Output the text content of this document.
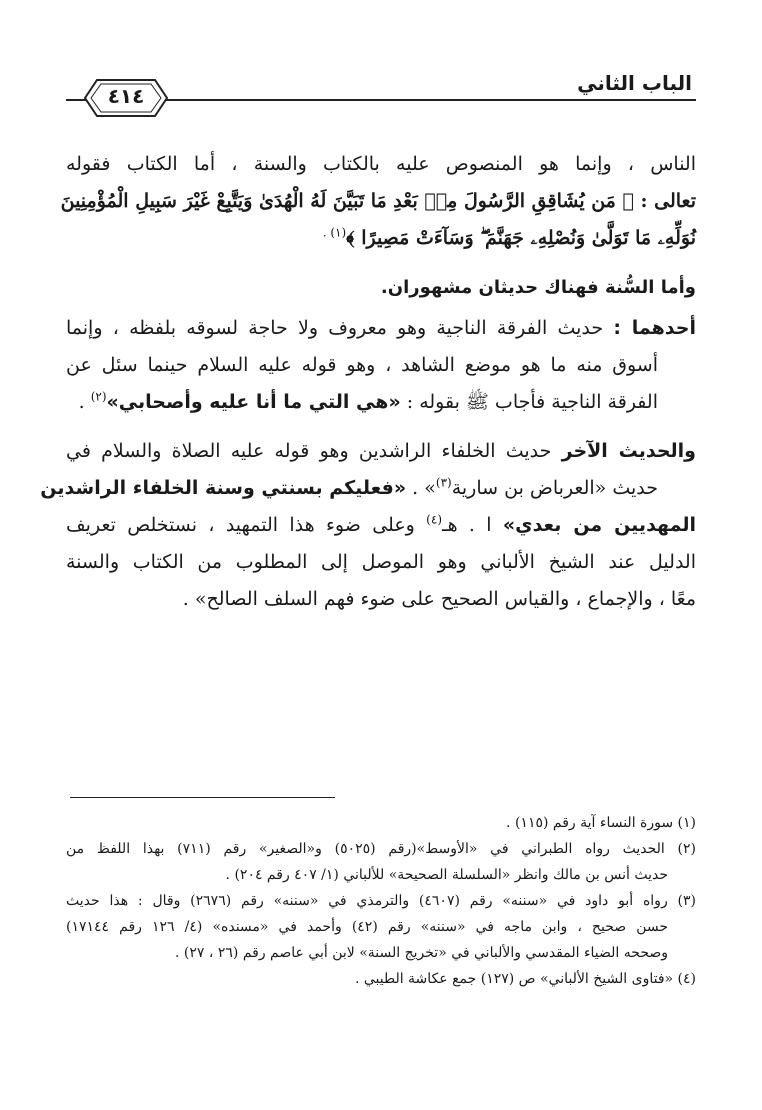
الباب الثاني
٤١٤
الناس ، وإنما هو المنصوص عليه بالكتاب والسنة ، أما الكتاب فقوله
تعالى : ﴿ مَن يُشَاقِقِ الرَّسُولَ مِنۢ بَعْدِ مَا تَبَيَّنَ لَهُ الْهُدَىٰ وَيَتَّبِعْ غَيْرَ سَبِيلِ الْمُؤْمِنِينَ
نُوَلِّهِۦ مَا تَوَلَّىٰ وَنُصْلِهِۦ جَهَنَّمَ ۖ وَسَآءَتْ مَصِيرًا ﴾$^{(١) .}$
وأما السُّنة فهناك حديثان مشهوران.
أحدهما : حديث الفرقة الناجية وهو معروف ولا حاجة لسوقه بلفظه ، وإنما
أسوق منه ما هو موضع الشاهد ، وهو قوله عليه السلام حينما سئل عن
الفرقة الناجية فأجاب ﷺ بقوله : «هي التي ما أنا عليه وأصحابي»$^{(٢)}$ .
والحديث الآخر حديث الخلفاء الراشدين وهو قوله عليه الصلاة والسلام في
حديث «العرباض بن سارية$^{(٣)}$» . «فعليكم بسنتي وسنة الخلفاء الراشدين
المهديين من بعدي» ا . هـ$^{(٤)}$ وعلى ضوء هذا التمهيد ، نستخلص تعريف
الدليل عند الشيخ الألباني وهو الموصل إلى المطلوب من الكتاب والسنة
معًا ، والإجماع ، والقياس الصحيح على ضوء فهم السلف الصالح» .
(١) سورة النساء آية رقم (١١٥) .
(٢) الحديث رواه الطبراني في «الأوسط»(رقم (٥٠٢٥) و«الصغير» رقم (٧١١) بهذا اللفظ من
حديث أنس بن مالك وانظر «السلسلة الصحيحة» للألباني (١/ ٤٠٧ رقم ٢٠٤) .
(٣) رواه أبو داود في «سننه» رقم (٤٦٠٧) والترمذي في «سننه» رقم (٢٦٧٦) وقال : هذا حديث
حسن صحيح ، وابن ماجه في «سننه» رقم (٤٢) وأحمد في «مسنده» (٤/ ١٢٦ رقم ١٧١٤٤)
وصححه الضياء المقدسي والألباني في «تخريج السنة» لابن أبي عاصم رقم (٢٦ ، ٢٧) .
(٤) «فتاوى الشيخ الألباني» ص (١٢٧) جمع عكاشة الطيبي .
